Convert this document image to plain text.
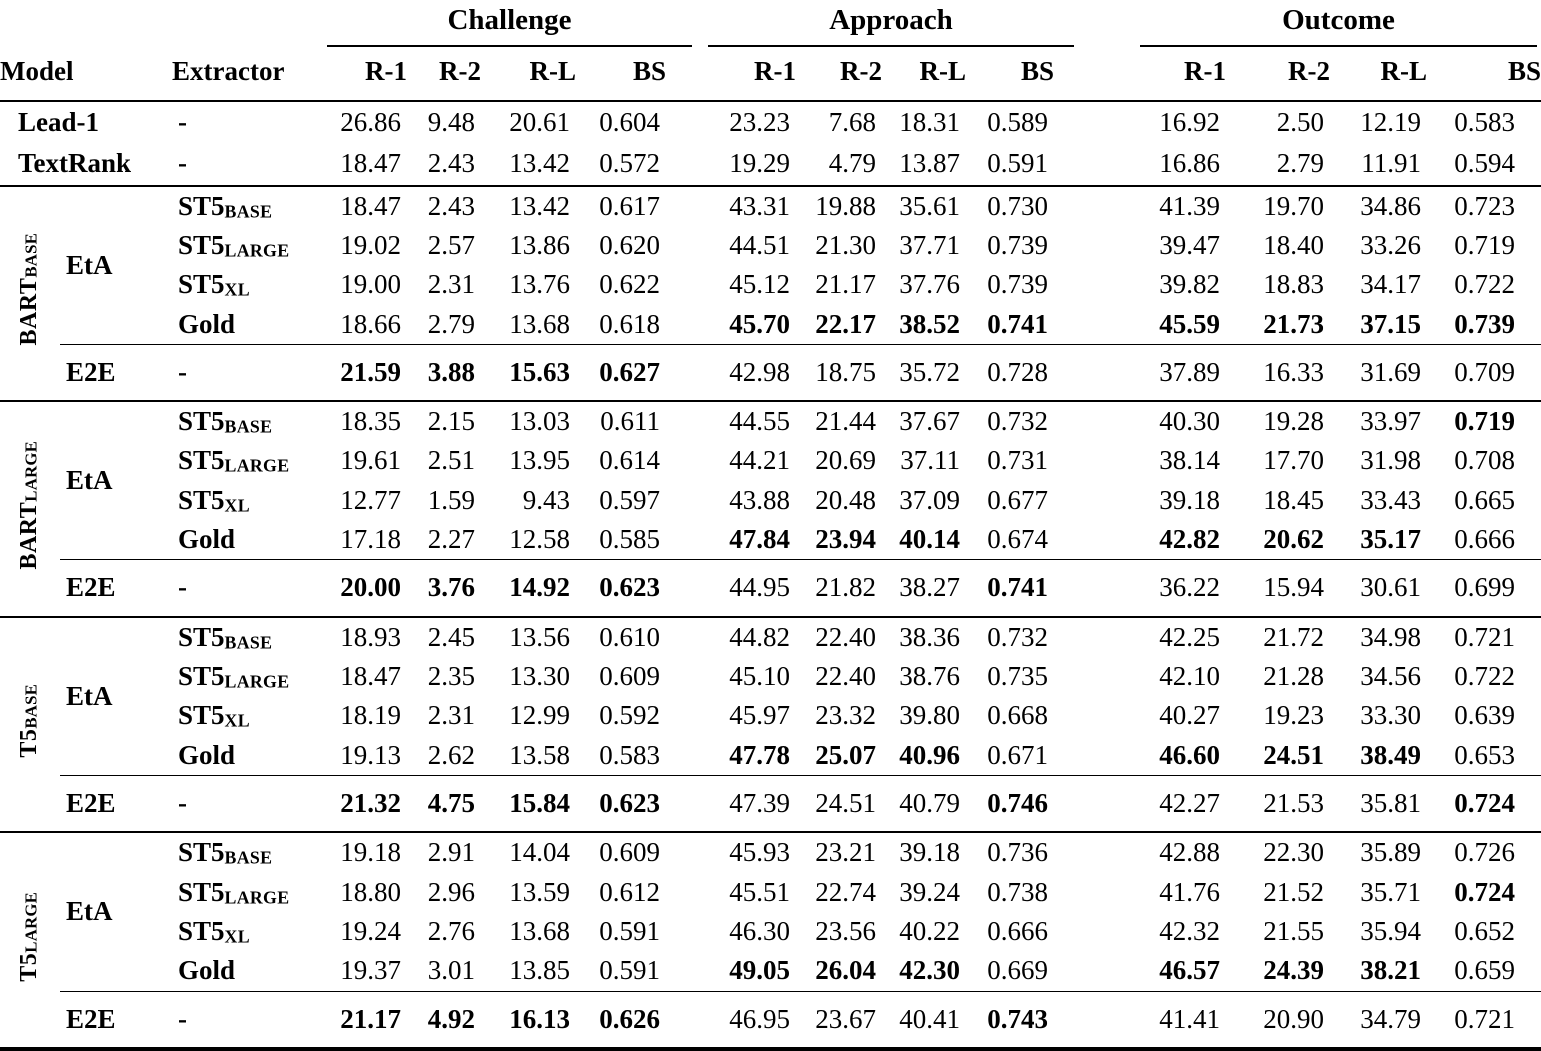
			Challenge				Approach				Outcome			

Model		Extractor	R-1	R-2	R-L	BS	R-1	R-2	R-L	BS	R-1	R-2	R-L	BS
Lead-1		-	26.86	9.48	20.61	0.604	23.23	7.68	18.31	0.589	16.92	2.50	12.19	0.583
TextRank		-	18.47	2.43	13.42	0.572	19.29	4.79	13.87	0.591	16.86	2.79	11.91	0.594
BARTBASE	EtA	ST5BASE	18.47	2.43	13.42	0.617	43.31	19.88	35.61	0.730	41.39	19.70	34.86	0.723
		ST5LARGE	19.02	2.57	13.86	0.620	44.51	21.30	37.71	0.739	39.47	18.40	33.26	0.719
		ST5XL	19.00	2.31	13.76	0.622	45.12	21.17	37.76	0.739	39.82	18.83	34.17	0.722
		Gold	18.66	2.79	13.68	0.618	45.70	22.17	38.52	0.741	45.59	21.73	37.15	0.739
	E2E	-	21.59	3.88	15.63	0.627	42.98	18.75	35.72	0.728	37.89	16.33	31.69	0.709
BARTLARGE	EtA	ST5BASE	18.35	2.15	13.03	0.611	44.55	21.44	37.67	0.732	40.30	19.28	33.97	0.719
		ST5LARGE	19.61	2.51	13.95	0.614	44.21	20.69	37.11	0.731	38.14	17.70	31.98	0.708
		ST5XL	12.77	1.59	9.43	0.597	43.88	20.48	37.09	0.677	39.18	18.45	33.43	0.665
		Gold	17.18	2.27	12.58	0.585	47.84	23.94	40.14	0.674	42.82	20.62	35.17	0.666
	E2E	-	20.00	3.76	14.92	0.623	44.95	21.82	38.27	0.741	36.22	15.94	30.61	0.699
T5BASE	EtA	ST5BASE	18.93	2.45	13.56	0.610	44.82	22.40	38.36	0.732	42.25	21.72	34.98	0.721
		ST5LARGE	18.47	2.35	13.30	0.609	45.10	22.40	38.76	0.735	42.10	21.28	34.56	0.722
		ST5XL	18.19	2.31	12.99	0.592	45.97	23.32	39.80	0.668	40.27	19.23	33.30	0.639
		Gold	19.13	2.62	13.58	0.583	47.78	25.07	40.96	0.671	46.60	24.51	38.49	0.653
	E2E	-	21.32	4.75	15.84	0.623	47.39	24.51	40.79	0.746	42.27	21.53	35.81	0.724
T5LARGE	EtA	ST5BASE	19.18	2.91	14.04	0.609	45.93	23.21	39.18	0.736	42.88	22.30	35.89	0.726
		ST5LARGE	18.80	2.96	13.59	0.612	45.51	22.74	39.24	0.738	41.76	21.52	35.71	0.724
		ST5XL	19.24	2.76	13.68	0.591	46.30	23.56	40.22	0.666	42.32	21.55	35.94	0.652
		Gold	19.37	3.01	13.85	0.591	49.05	26.04	42.30	0.669	46.57	24.39	38.21	0.659
	E2E	-	21.17	4.92	16.13	0.626	46.95	23.67	40.41	0.743	41.41	20.90	34.79	0.721
